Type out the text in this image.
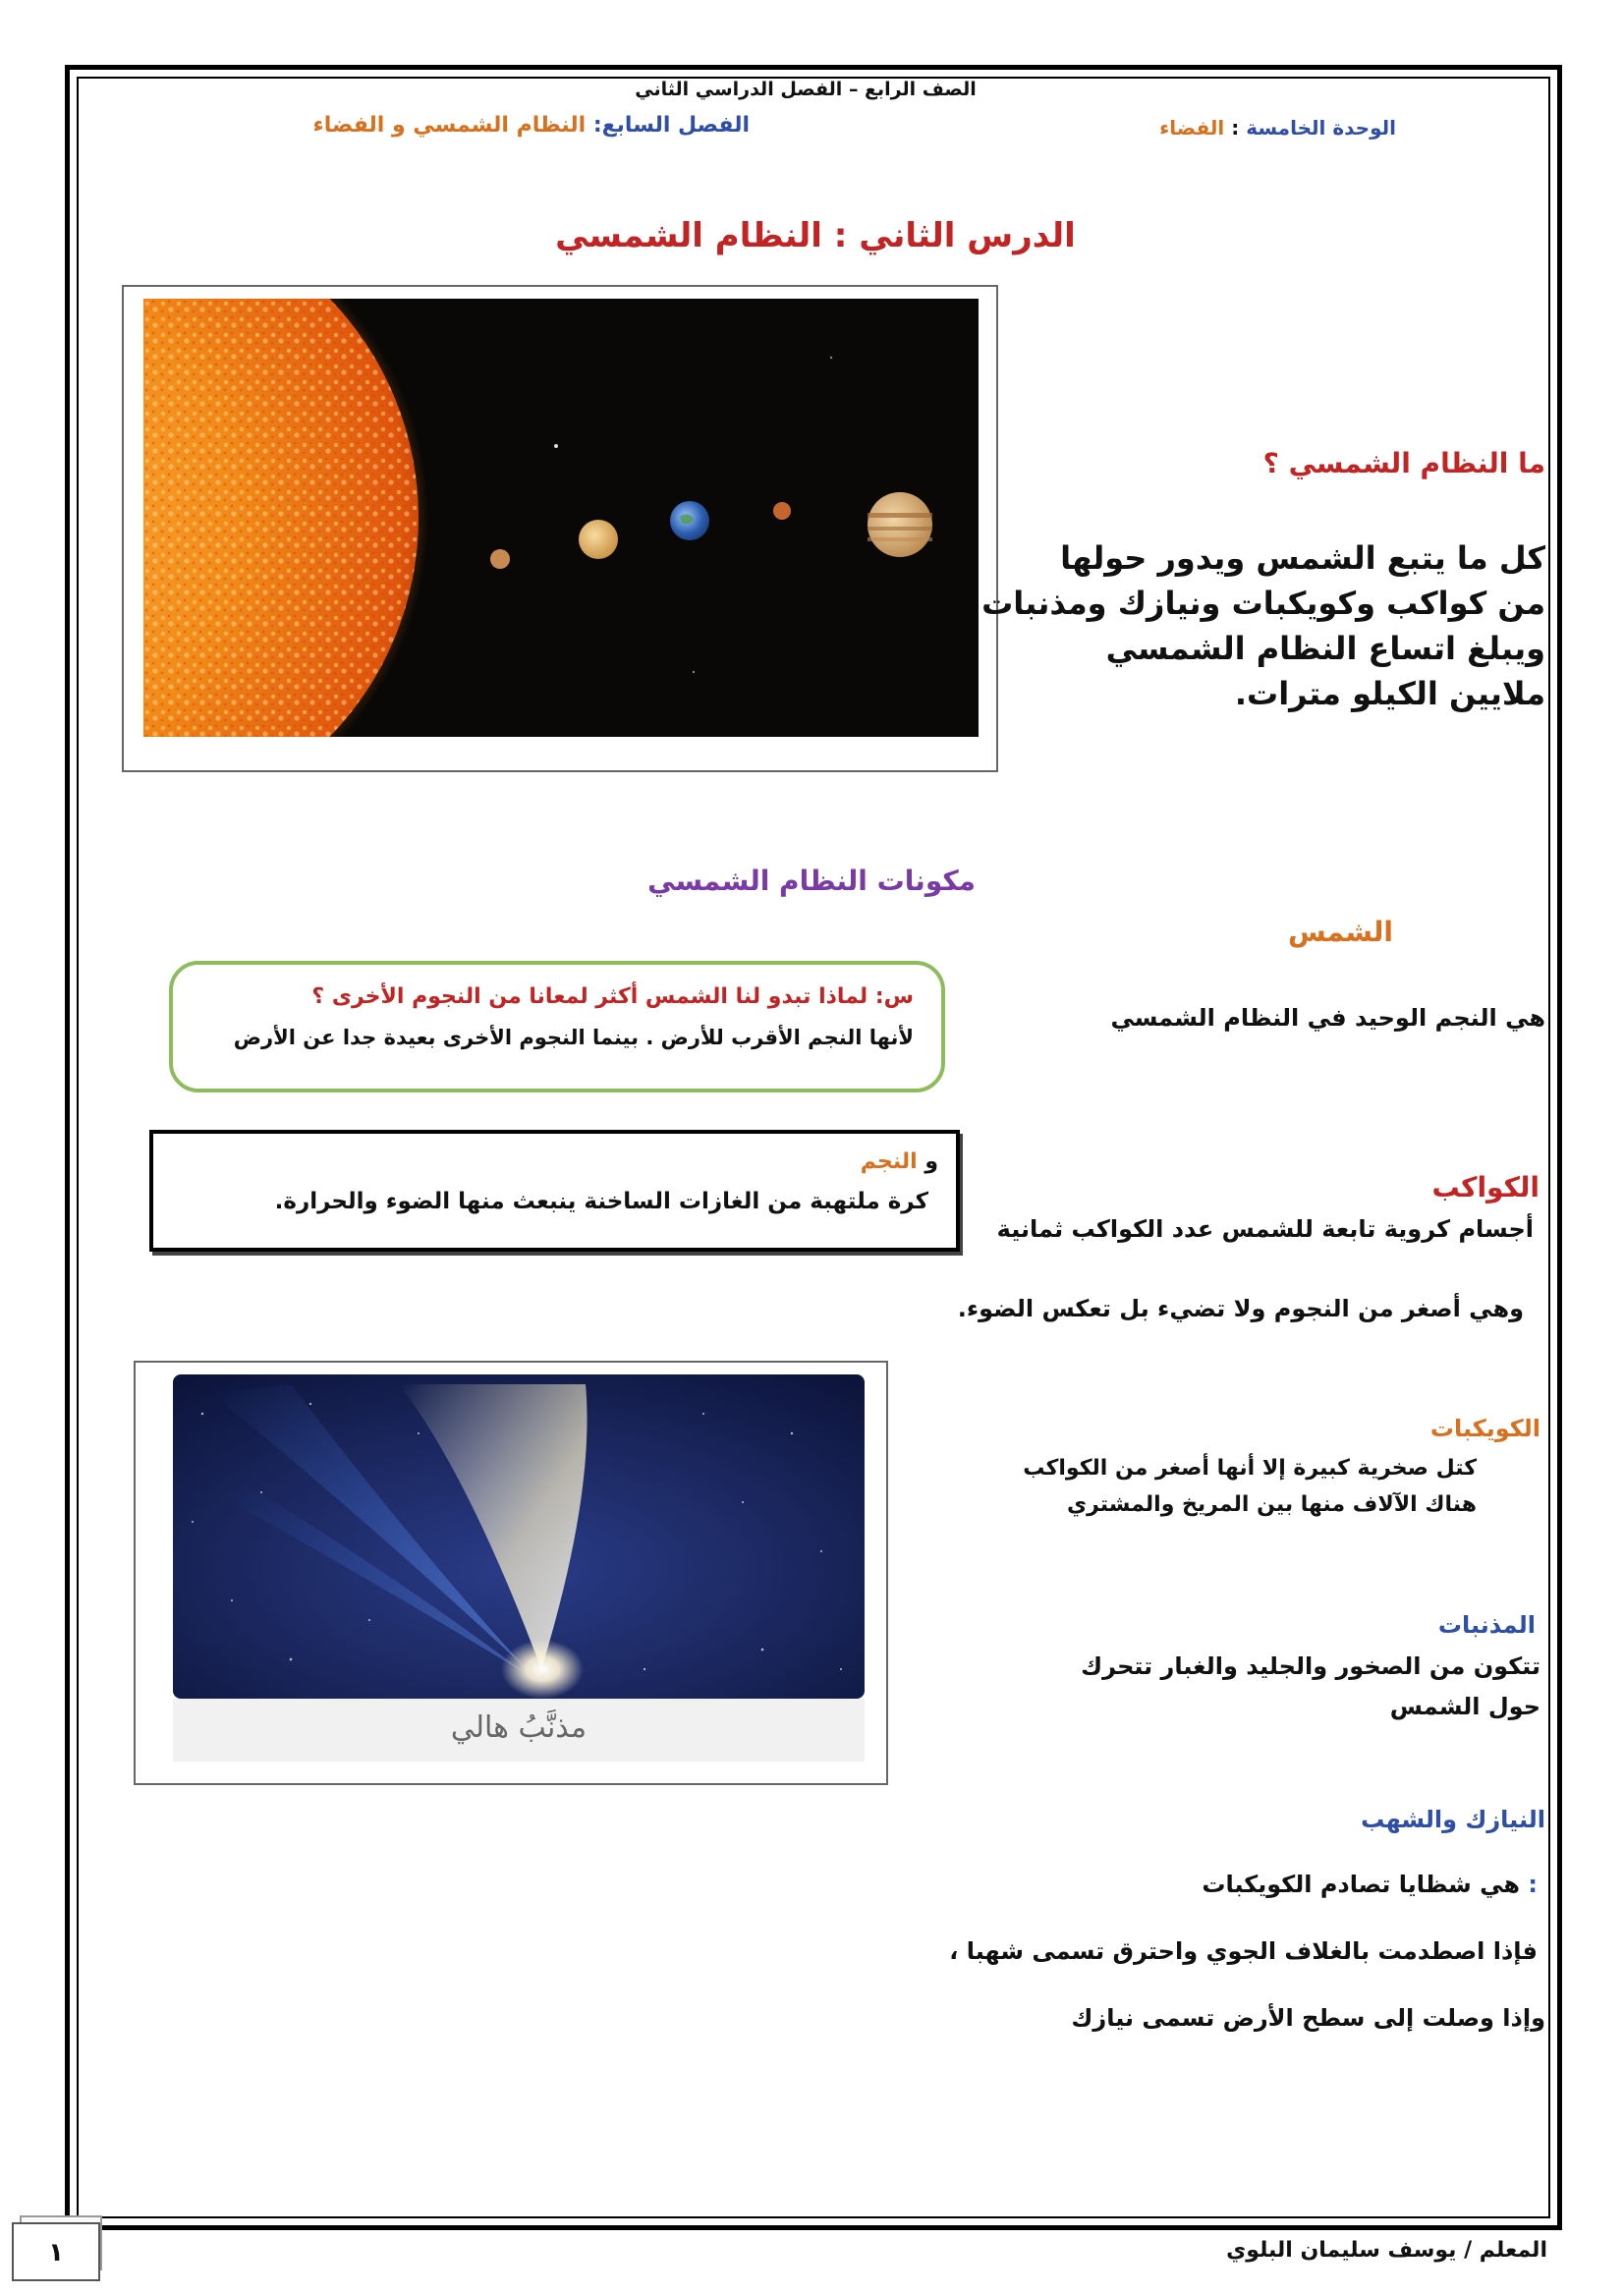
الصف الرابع – الفصل الدراسي الثاني
الوحدة الخامسة : الفضاء
الفصل السابع: النظام الشمسي و الفضاء
الدرس الثاني : النظام الشمسي
ما النظام الشمسي ؟
كل ما يتبع الشمس ويدور حولها
من كواكب وكويكبات ونيازك ومذنبات
ويبلغ اتساع النظام الشمسي
ملايين الكيلو مترات.
مكونات النظام الشمسي
الشمس
هي النجم الوحيد في النظام الشمسي
س: لماذا تبدو لنا الشمس أكثر لمعانا من النجوم الأخرى ؟
لأنها النجم الأقرب للأرض . بينما النجوم الأخرى بعيدة جدا عن الأرض
و النجم
كرة ملتهبة من الغازات الساخنة ينبعث منها الضوء والحرارة.	الكواكب
أجسام كروية تابعة للشمس عدد الكواكب ثمانية
وهي أصغر من النجوم ولا تضيء بل تعكس الضوء.
مذنَّبُ هالي
الكويكبات
كتل صخرية كبيرة إلا أنها أصغر من الكواكب
هناك الآلاف منها بين المريخ والمشتري
المذنبات
تتكون من الصخور والجليد والغبار تتحرك
حول الشمس
النيازك والشهب
: هي شظايا تصادم الكويكبات
فإذا اصطدمت بالغلاف الجوي واحترق تسمى شهبا ،
وإذا وصلت إلى سطح الأرض تسمى نيازك
المعلم / يوسف سليمان البلوي
١
